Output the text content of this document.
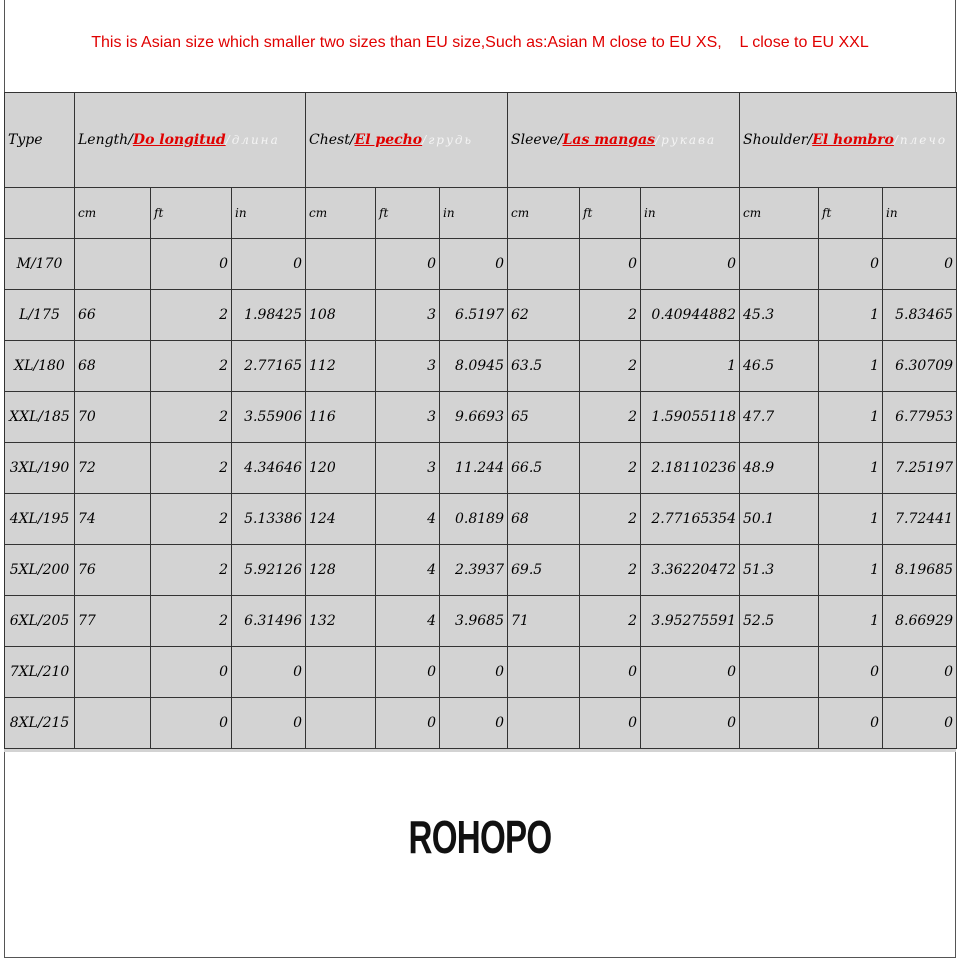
This is Asian size which smaller two sizes than EU size,Such as:Asian M close to EU XS,    L close to EU XXL
Type	Length/Do longitud/длина			Chest/El pecho/грудь			Sleeve/Las mangas/рукава			Shoulder/El hombro/плечо		
	cm	ft	in	cm	ft	in	cm	ft	in	cm	ft	in
M/170		0	0		0	0		0	0		0	0
L/175	66	2	1.98425	108	3	6.5197	62	2	0.40944882	45.3	1	5.83465
XL/180	68	2	2.77165	112	3	8.0945	63.5	2	1	46.5	1	6.30709
XXL/185	70	2	3.55906	116	3	9.6693	65	2	1.59055118	47.7	1	6.77953
3XL/190	72	2	4.34646	120	3	11.244	66.5	2	2.18110236	48.9	1	7.25197
4XL/195	74	2	5.13386	124	4	0.8189	68	2	2.77165354	50.1	1	7.72441
5XL/200	76	2	5.92126	128	4	2.3937	69.5	2	3.36220472	51.3	1	8.19685
6XL/205	77	2	6.31496	132	4	3.9685	71	2	3.95275591	52.5	1	8.66929
7XL/210		0	0		0	0		0	0		0	0
8XL/215		0	0		0	0		0	0		0	0
ROHOPO
